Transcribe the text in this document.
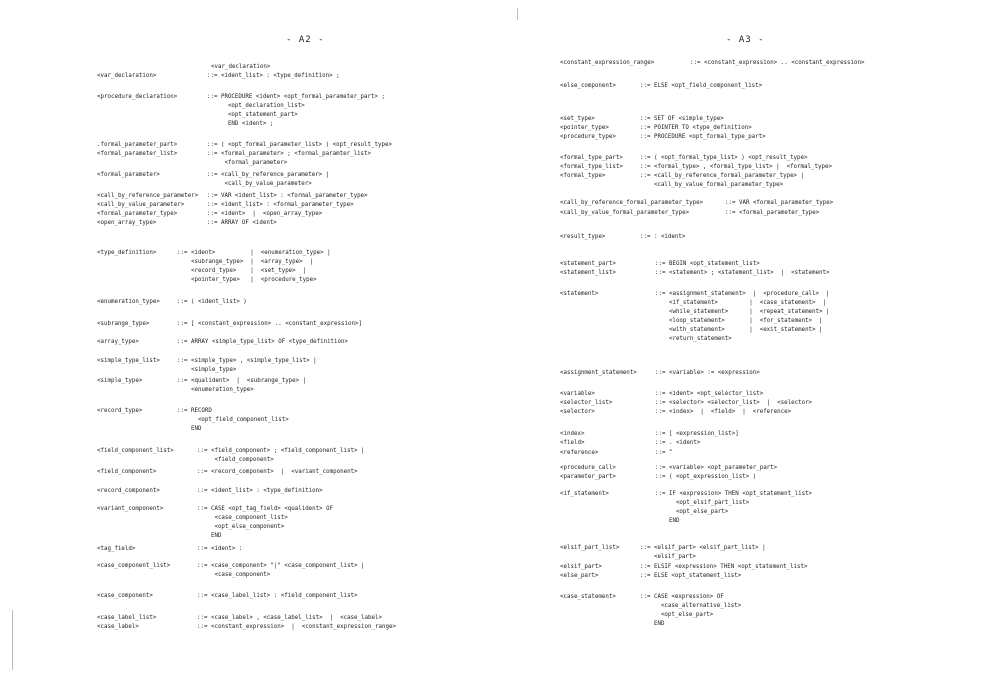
- A2 -
<var_declaration>
<var_declaration>	::= <ident_list> : <type_definition> ;
<procedure_declaration>	::= PROCEDURE <ident> <opt_formal_parameter_part> ;
<opt_declaration_list>
<opt_statement_part>
END <ident> ;
.formal_parameter_part>	::= ( <opt_formal_parameter_list> ) <opt_result_type>
<formal_parameter_list>	::= <formal_parameter> ; <formal_paramter_list>
<formal_parameter>
<formal_parameter>	::= <call_by_reference_parameter> |
<call_by_value_parameter>
<call_by_reference_parameter> ::= VAR <ident_list> : <formal_parameter_type>
<call_by_value_parameter>	::= <ident_list> : <formal_parameter_type>
<formal_parameter_type>	::= <ident>  |  <open_array_type>
<open_array_type>	::= ARRAY OF <ident>
<type_definition>	::= <ident>          |  <enumeration_type> |
<subrange_type>  |  <array_type>  |
<record_type>    |  <set_type>  |
<pointer_type>   |  <procedure_type>
<enumeration_type>	::= ( <ident_list> )
<subrange_type>	::= [ <constant_expression> .. <constant_expression>]
<array_type>	::= ARRAY <simple_type_list> OF <type_definition>
<simple_type_list>	::= <simple_type> , <simple_type_list> |
<simple_type>
<simple_type>	::= <qualident>  |  <subrange_type> |
<enumeration_type>
<record_type>	::= RECORD
<opt_field_component_list>
END
<field_component_list>	::= <field_component> ; <field_component_list> |
<field_component>
<field_component>	::= <record_component>  |  <variant_component>
<record_component>	::= <ident_list> : <type_definition>
<variant_component>	::= CASE <opt_tag_field> <qualident> OF
<case_component_list>
<opt_else_component>
END
<tag_field>	::= <ident> :
<case_component_list>	::= <case_component> "|" <case_component_list> |
<case_component>
<case_component>	::= <case_label_list> : <field_component_list>
<case_label_list>	::= <case_label> , <case_label_list>  |  <case_label>
<case_label>	::= <constant_expression>  |  <constant_expression_range>
- A3 -
<constant_expression_range>	::= <constant_expression> .. <constant_expression>
<else_component>	::= ELSE <opt_field_component_list>
<set_type>	::= SET OF <simple_type>
<pointer_type>	::= POINTER TO <type_definition>
<procedure_type>	::= PROCEDURE <opt_formal_type_part>
<formal_type_part>	::= ( <opt_formal_type_list> ) <opt_result_type>
<formal_type_list>	::= <formal_type> , <formal_type_list> |  <formal_type>
<formal_type>	::= <call_by_reference_formal_parameter_type> |
<call_by_value_formal_parameter_type>
<call_by_reference_formal_parameter_type>	::= VAR <formal_parameter_type>
<call_by_value_formal_parameter_type>	::= <formal_parameter_type>
<result_type>	::= : <ident>
<statement_part>	::= BEGIN <opt_statement_list>
<statement_list>	::= <statement> ; <statement_list>  |  <statement>
<statement>	::= <assignment_statement>  |  <procedure_call>  |
<if_statement>         |  <case_statement>  |
<while_statement>      |  <repeat_statement> |
<loop_statement>       |  <for_statement>  |
<with_statement>       |  <exit_statement> |
<return_statement>
<assignment_statement>	::= <variable> := <expression>
<variable>	::= <ident> <opt_selector_list>
<selector_list>	::= <selector> <selector_list>  |  <selector>
<selector>	::= <index>  |  <field>  |  <reference>
<index>	::= [ <expression_list>]
<field>	::= . <ident>
<reference>	::= ^
<procedure_call>	::= <variable> <opt_parameter_part>
<parameter_part>	::= ( <opt_expression_list> )
<if_statement>	::= IF <expression> THEN <opt_statement_list>
<opt_elsif_part_list>
<opt_else_part>
END
<elsif_part_list>	::= <elsif_part> <elsif_part_list> |
<elsif_part>
<elsif_part>	::= ELSIF <expression> THEN <opt_statement_list>
<else_part>	::= ELSE <opt_statement_list>
<case_statement>	::= CASE <expression> OF
<case_alternative_list>
<opt_else_part>
END
